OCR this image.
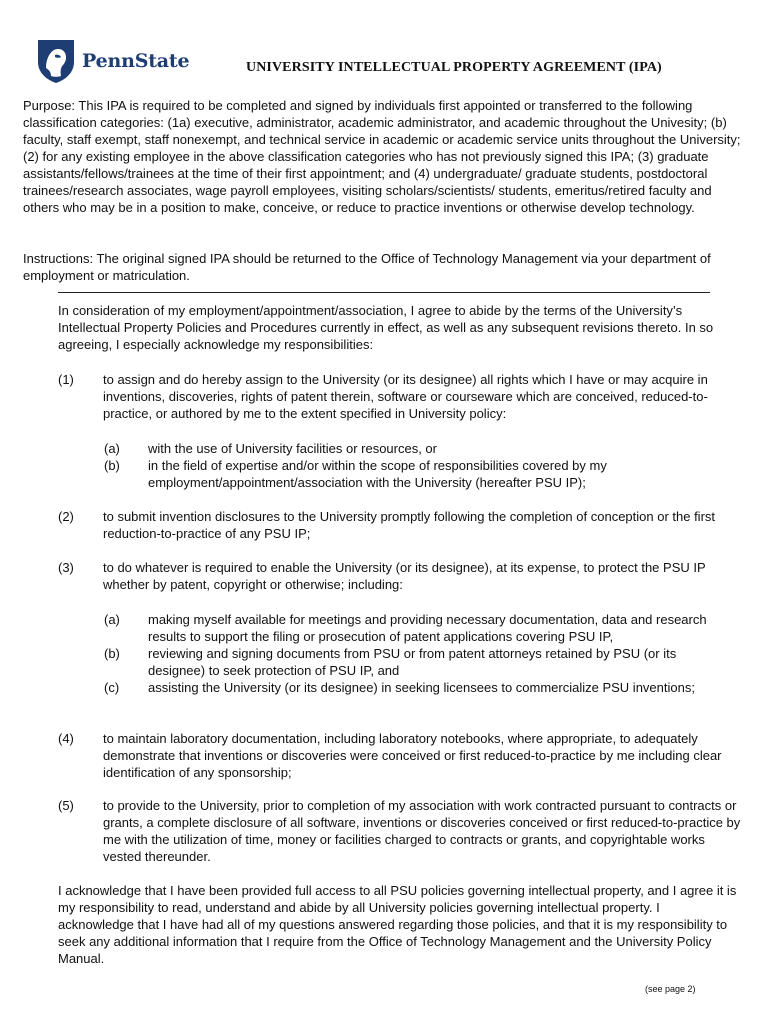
PennState	UNIVERSITY INTELLECTUAL PROPERTY AGREEMENT (IPA)
Purpose: This IPA is required to be completed and signed by individuals first appointed or transferred to the following classification categories: (1a) executive, administrator, academic administrator, and academic throughout the Univesity; (b) faculty, staff exempt, staff nonexempt, and technical service in academic or academic service units throughout the University; (2) for any existing employee in the above classification categories who has not previously signed this IPA; (3) graduate assistants/fellows/trainees at the time of their first appointment; and (4) undergraduate/ graduate students, postdoctoral trainees/research associates, wage payroll employees, visiting scholars/scientists/ students, emeritus/retired faculty and others who may be in a position to make, conceive, or reduce to practice inventions or otherwise develop technology.
Instructions: The original signed IPA should be returned to the Office of Technology Management via your department of employment or matriculation.
In consideration of my employment/appointment/association, I agree to abide by the terms of the University’s Intellectual Property Policies and Procedures currently in effect, as well as any subsequent revisions thereto. In so agreeing, I especially acknowledge my responsibilities:
(1) to assign and do hereby assign to the University (or its designee) all rights which I have or may acquire in inventions, discoveries, rights of patent therein, software or courseware which are conceived, reduced-to-practice, or authored by me to the extent specified in University policy:
(a) with the use of University facilities or resources, or
(b) in the field of expertise and/or within the scope of responsibilities covered by my employment/appointment/association with the University (hereafter PSU IP);
(2) to submit invention disclosures to the University promptly following the completion of conception or the first reduction-to-practice of any PSU IP;
(3) to do whatever is required to enable the University (or its designee), at its expense, to protect the PSU IP whether by patent, copyright or otherwise; including:
(a) making myself available for meetings and providing necessary documentation, data and research results to support the filing or prosecution of patent applications covering PSU IP,
(b) reviewing and signing documents from PSU or from patent attorneys retained by PSU (or its designee) to seek protection of PSU IP, and
(c) assisting the University (or its designee) in seeking licensees to commercialize PSU inventions;
(4) to maintain laboratory documentation, including laboratory notebooks, where appropriate, to adequately demonstrate that inventions or discoveries were conceived or first reduced-to-practice by me including clear identification of any sponsorship;
(5) to provide to the University, prior to completion of my association with work contracted pursuant to contracts or grants, a complete disclosure of all software, inventions or discoveries conceived or first reduced-to-practice by me with the utilization of time, money or facilities charged to contracts or grants, and copyrightable works vested thereunder.
I acknowledge that I have been provided full access to all PSU policies governing intellectual property, and I agree it is my responsibility to read, understand and abide by all University policies governing intellectual property. I acknowledge that I have had all of my questions answered regarding those policies, and that it is my responsibility to seek any additional information that I require from the Office of Technology Management and the University Policy Manual.
(see page 2)
